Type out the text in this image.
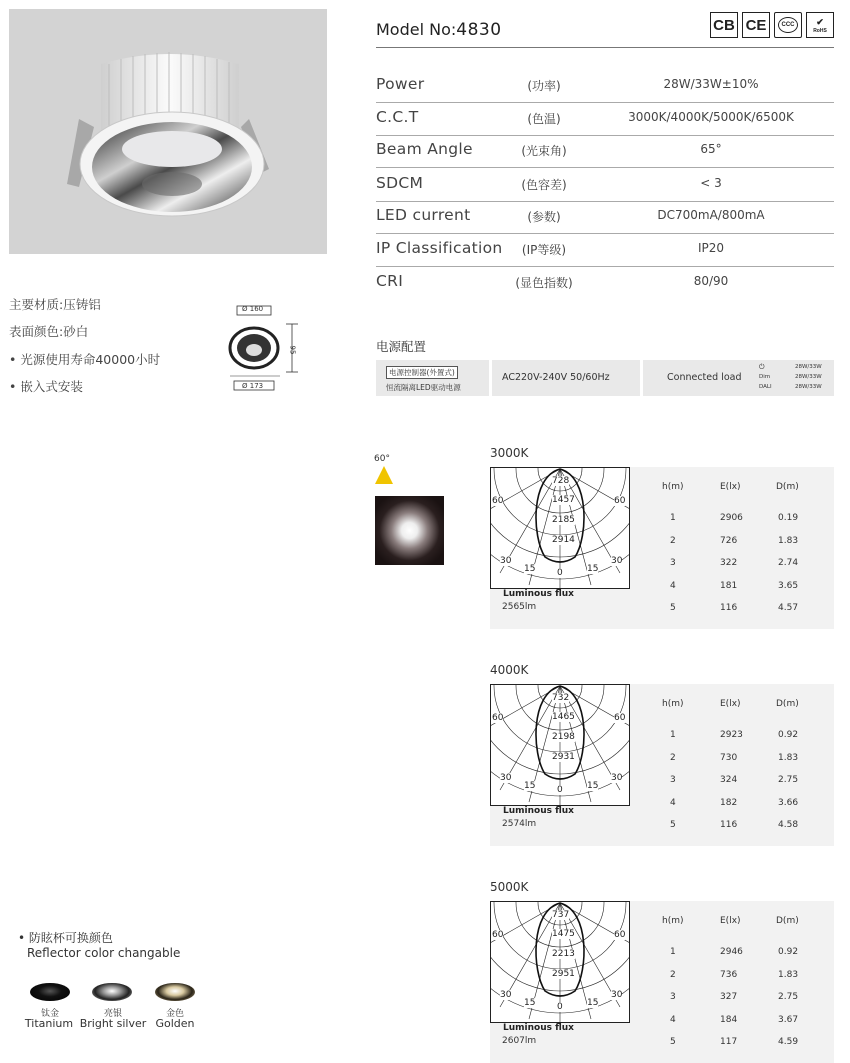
主要材质:压铸铝
表面颜色:砂白
• 光源使用寿命40000小时
• 嵌入式安装
Ø 160
Ø 173
95
Model No:4830	CB CE	CCC	✔
RoHS
Power	(功率)	28W/33W±10%
C.C.T	(色温)	3000K/4000K/5000K/6500K
Beam Angle	(光束角)	65°
SDCM	(色容差)	< 3
LED current	(参数)	DC700mA/800mA
IP Classification	(IP等级)	IP20
CRI	(显色指数)	80/90
电源配置
电源控制器(外置式)
恒流隔离LED驱动电源
AC220V-240V 50/60Hz	Connected load
⏻
Dim
DALI
28W/33W
28W/33W
28W/33W
60°	3000K
728
1457
2185
2914
60	60
30	30
15	15
0
Luminous flux
2565lm
h(m)	E(lx)	D(m)
1	2906	0.19
2	726	1.83
3	322	2.74
4	181	3.65
5	116	4.57
4000K
732
1465
2198
2931
60	60
30	30
15	15
0
Luminous flux
2574lm
h(m)	E(lx)	D(m)
1	2923	0.92
2	730	1.83
3	324	2.75
4	182	3.66
5	116	4.58
5000K
737
1475
2213
2951
60	60
30	30
15	15
0
Luminous flux
2607lm
h(m)	E(lx)	D(m)
1	2946	0.92
2	736	1.83
3	327	2.75
4	184	3.67
5	117	4.59
• 防眩杯可换颜色
Reflector color changable
钛金	亮银	金色
Titanium Bright silver Golden
